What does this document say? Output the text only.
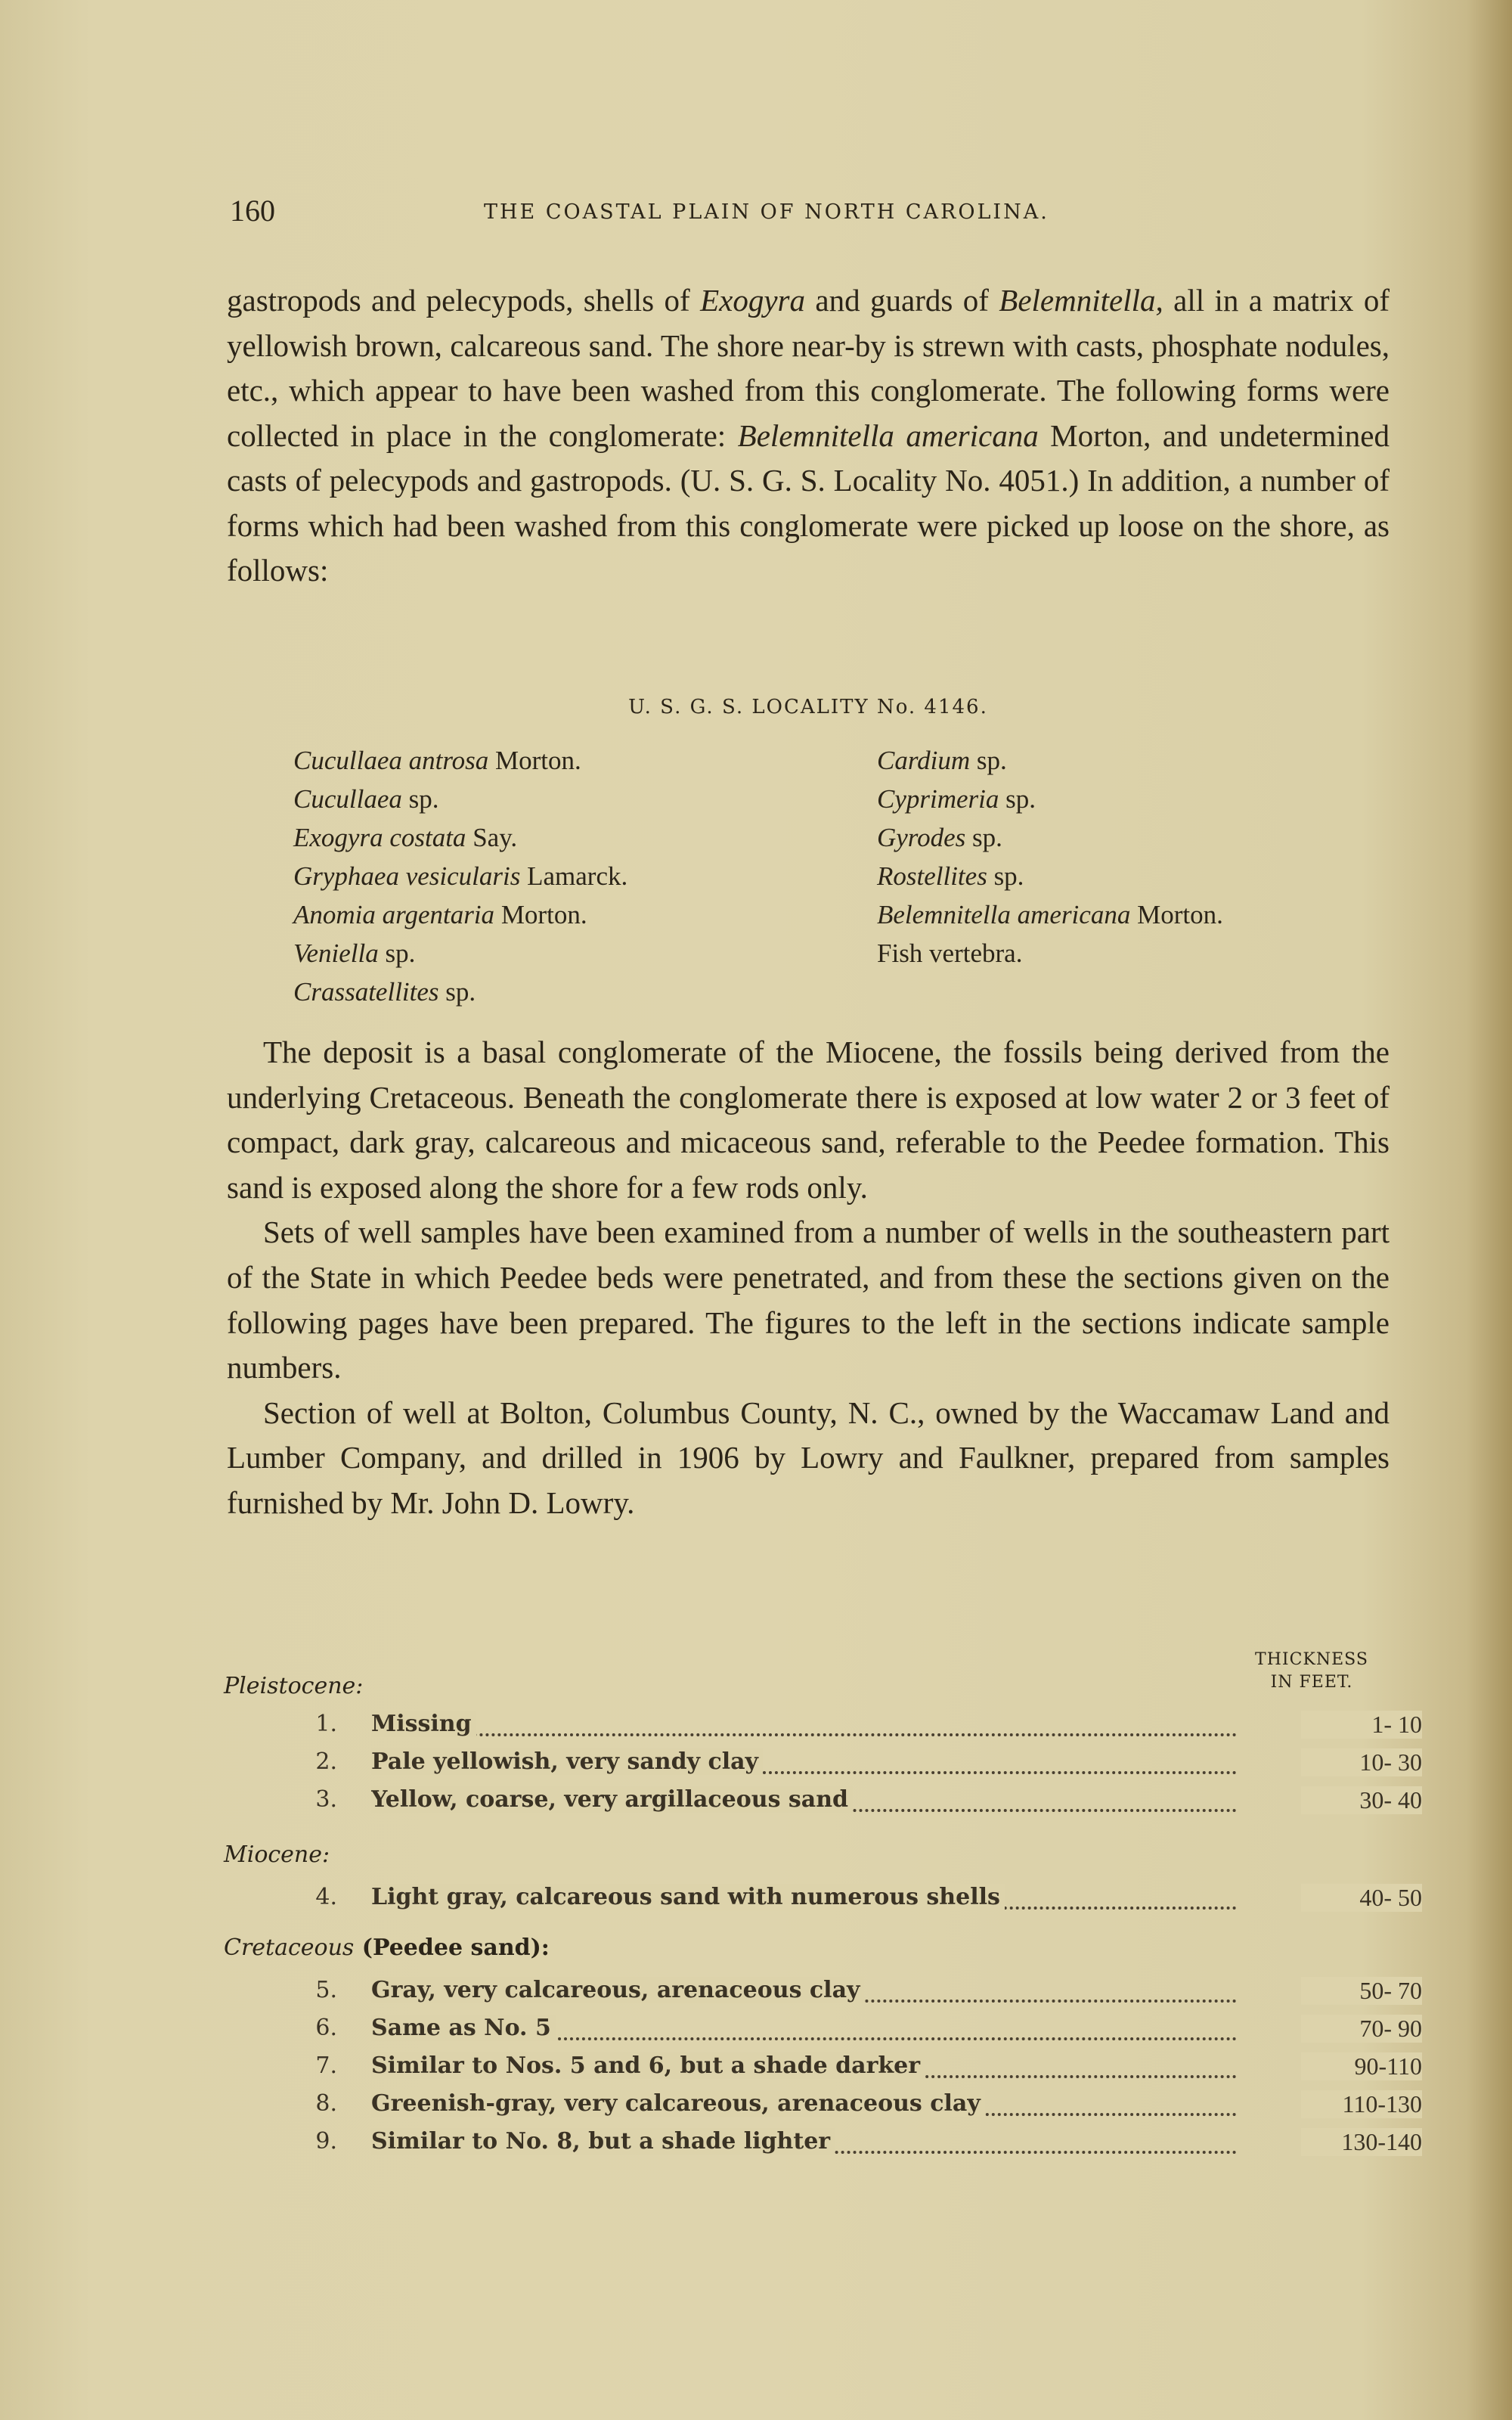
160	THE COASTAL PLAIN OF NORTH CAROLINA.

gastropods and pelecypods, shells of Exogyra and guards of Belemnitella, all in a matrix of yellowish brown, calcareous sand. The shore near-by is strewn with casts, phosphate nodules, etc., which appear to have been washed from this conglomerate. The following forms were collected in place in the conglomerate: Belemnitella americana Morton, and undetermined casts of pelecypods and gastropods. (U. S. G. S. Locality No. 4051.) In addition, a number of forms which had been washed from this conglomerate were picked up loose on the shore, as follows:

U. S. G. S. LOCALITY No. 4146.
Cucullaea antrosa Morton.
Cucullaea sp.
Exogyra costata Say.
Gryphaea vesicularis Lamarck.
Anomia argentaria Morton.
Veniella sp.
Crassatellites sp.
Cardium sp.
Cyprimeria sp.
Gyrodes sp.
Rostellites sp.
Belemnitella americana Morton.
Fish vertebra.

The deposit is a basal conglomerate of the Miocene, the fossils being derived from the underlying Cretaceous. Beneath the conglomerate there is exposed at low water 2 or 3 feet of compact, dark gray, calcareous and micaceous sand, referable to the Peedee formation. This sand is exposed along the shore for a few rods only.

Sets of well samples have been examined from a number of wells in the southeastern part of the State in which Peedee beds were penetrated, and from these the sections given on the following pages have been prepared. The figures to the left in the sections indicate sample numbers.

Section of well at Bolton, Columbus County, N. C., owned by the Waccamaw Land and Lumber Company, and drilled in 1906 by Lowry and Faulkner, prepared from samples furnished by Mr. John D. Lowry.

THICKNESS
IN FEET.
Pleistocene:
1. Missing	1- 10
2. Pale yellowish, very sandy clay	10- 30
3. Yellow, coarse, very argillaceous sand	30- 40
Miocene:
4. Light gray, calcareous sand with numerous shells	40- 50
Cretaceous (Peedee sand):
5. Gray, very calcareous, arenaceous clay	50- 70
6. Same as No. 5	70- 90
7. Similar to Nos. 5 and 6, but a shade darker	90-110
8. Greenish-gray, very calcareous, arenaceous clay	110-130
9. Similar to No. 8, but a shade lighter	130-140
